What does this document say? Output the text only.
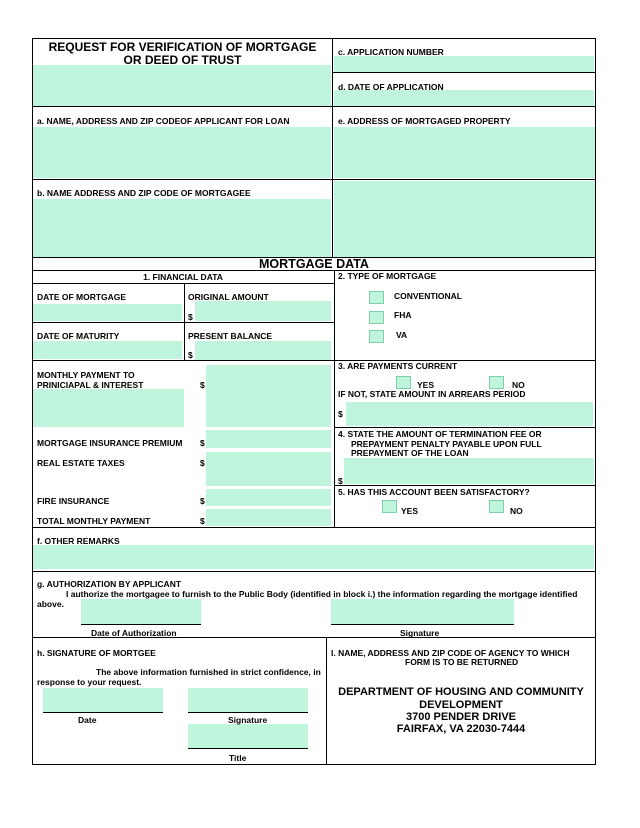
REQUEST FOR VERIFICATION OF MORTGAGE
OR DEED OF TRUST
c. APPLICATION NUMBER
d. DATE OF APPLICATION
a. NAME, ADDRESS AND ZIP CODEOF APPLICANT FOR LOAN	e. ADDRESS OF MORTGAGED PROPERTY
b. NAME ADDRESS AND ZIP CODE OF MORTGAGEE
MORTGAGE DATA
1. FINANCIAL DATA
DATE OF MORTGAGE	ORIGINAL AMOUNT
$
DATE OF MATURITY	PRESENT BALANCE
$
MONTHLY PAYMENT TO
PRINICIAPAL & INTEREST	$
MORTGAGE INSURANCE PREMIUM $
REAL ESTATE TAXES	$
FIRE INSURANCE	$
TOTAL MONTHLY PAYMENT	$
2. TYPE OF MORTGAGE
CONVENTIONAL
FHA
VA
3. ARE PAYMENTS CURRENT
YES	NO
IF NOT, STATE AMOUNT IN ARREARS PERIOD
$
4. STATE THE AMOUNT OF TERMINATION FEE OR
PREPAYMENT PENALTY PAYABLE UPON FULL
PREPAYMENT OF THE LOAN
$
5. HAS THIS ACCOUNT BEEN SATISFACTORY?
YES	NO
f. OTHER REMARKS
g. AUTHORIZATION BY APPLICANT
I authorize the mortgagee to furnish to the Public Body (identified in block i.) the information regarding the mortgage identified
above.
Date of Authorization	Signature
h. SIGNATURE OF MORTGEE
The above information furnished in strict confidence, in
response to your request.
Date	Signature
Title
I. NAME, ADDRESS AND ZIP CODE OF AGENCY TO WHICH
FORM IS TO BE RETURNED
DEPARTMENT OF HOUSING AND COMMUNITY
DEVELOPMENT
3700 PENDER DRIVE
FAIRFAX, VA 22030-7444
